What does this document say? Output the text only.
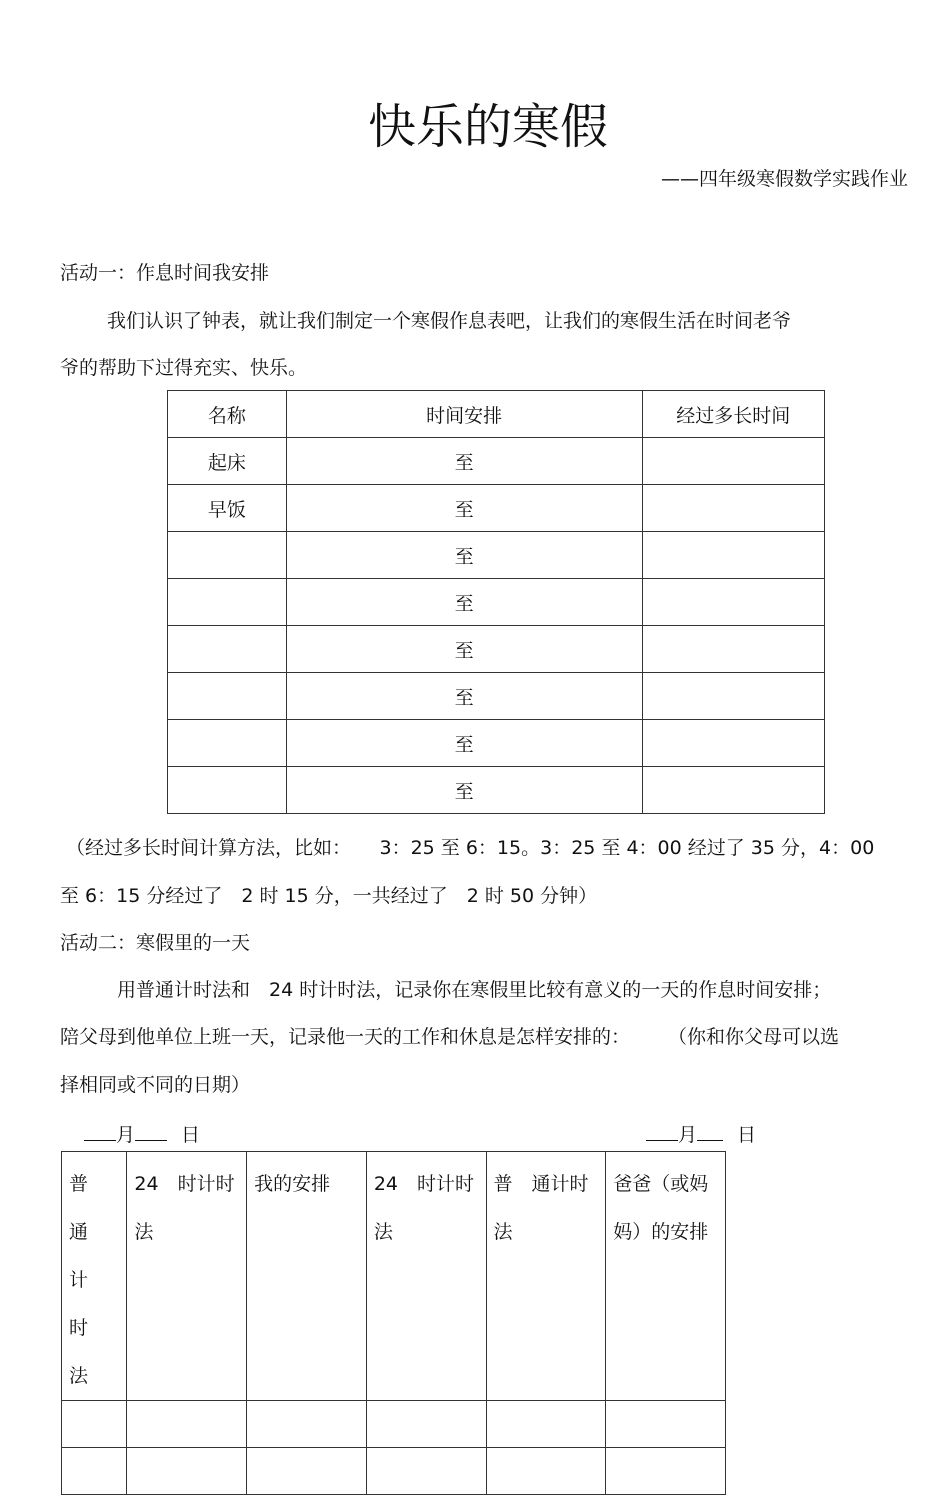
快乐的寒假
——四年级寒假数学实践作业
活动一：作息时间我安排
我们认识了钟表，就让我们制定一个寒假作息表吧，让我们的寒假生活在时间老爷
爷的帮助下过得充实、快乐。
名称	时间安排	经过多长时间
起床	至	
早饭	至	
	至	
	至	
	至	
	至	
	至	
	至	
（经过多长时间计算方法，比如：　　3：25 至 6：15。3：25 至 4：00 经过了 35 分，4：00
至 6：15 分经过了　2 时 15 分，一共经过了　2 时 50 分钟）
活动二：寒假里的一天
用普通计时法和　24 时计时法，记录你在寒假里比较有意义的一天的作息时间安排；
陪父母到他单位上班一天，记录他一天的工作和休息是怎样安排的：　　　（你和你父母可以选
择相同或不同的日期）
月 日	月 日
普通计时法	24　时计时法	我的安排	24　时计时法	普　通计时法	爸爸（或妈妈）的安排
